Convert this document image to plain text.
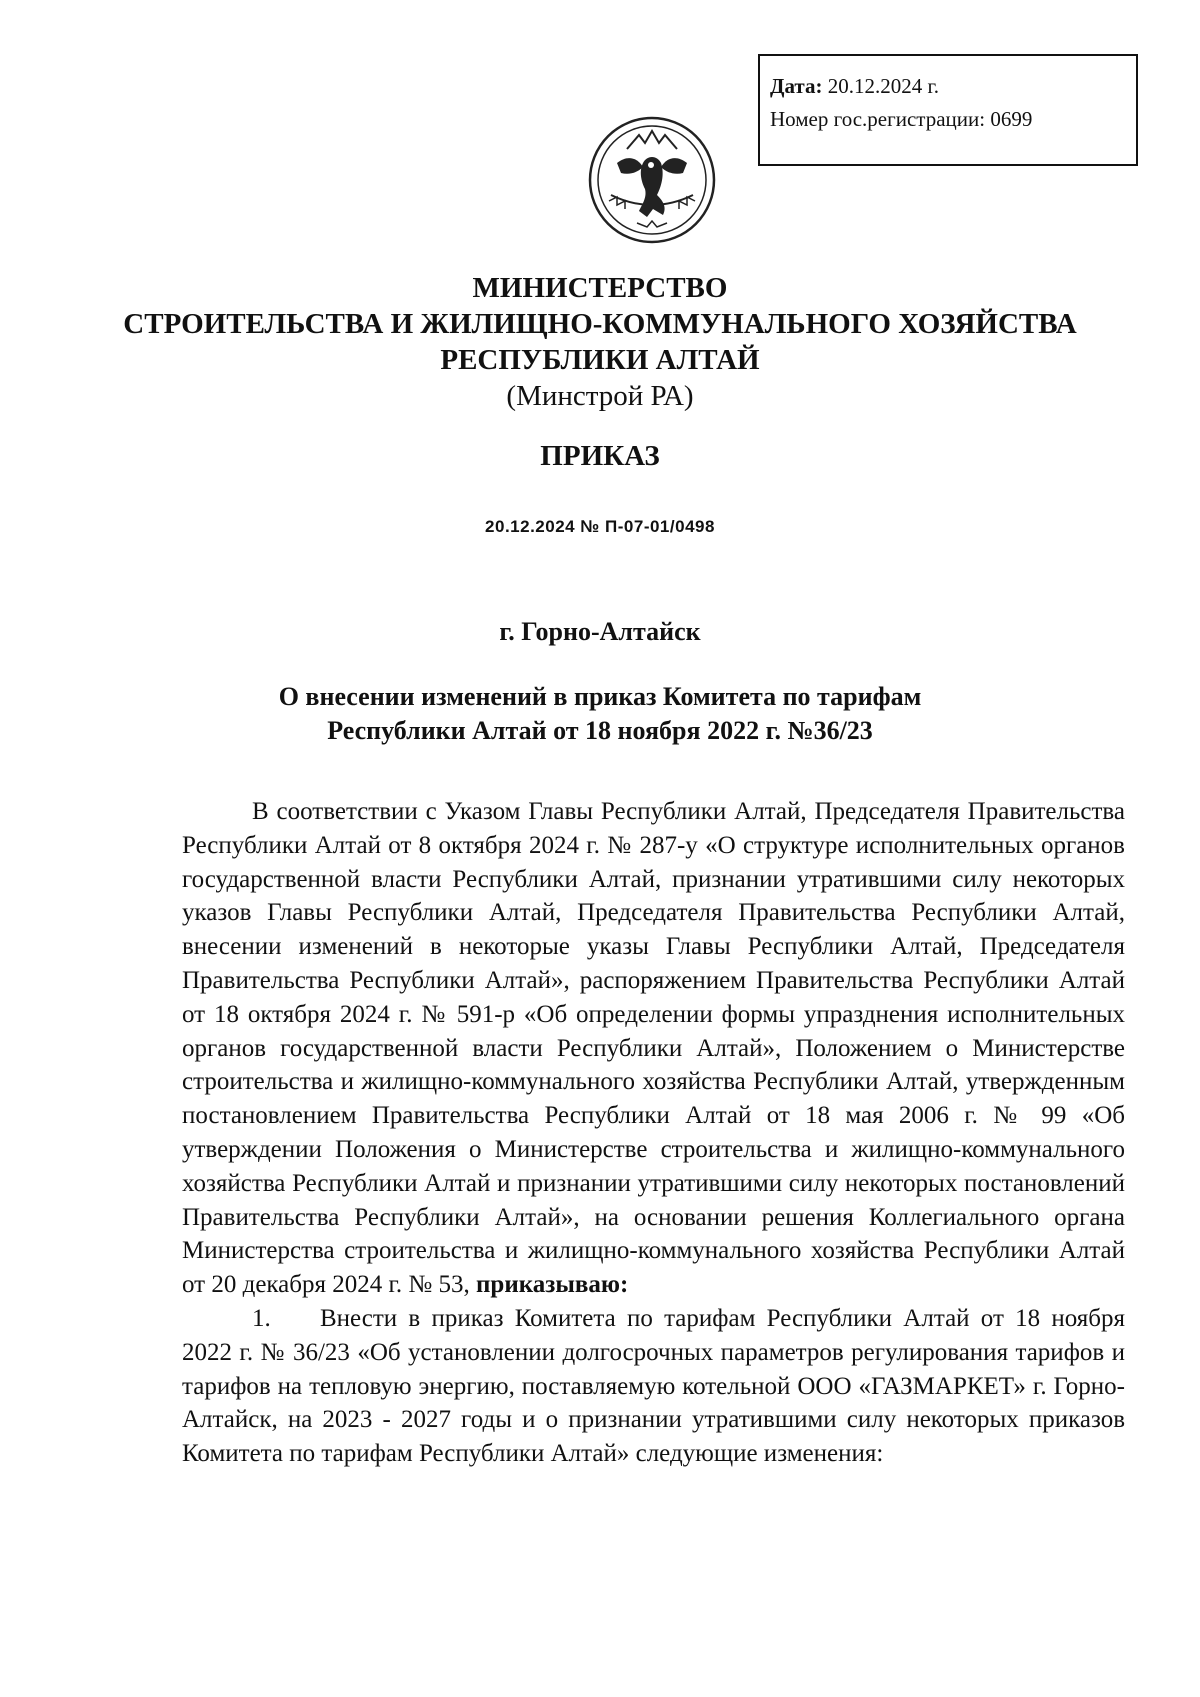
Дата: 20.12.2024 г.
Номер гос.регистрации: 0699
МИНИСТЕРСТВО
СТРОИТЕЛЬСТВА И ЖИЛИЩНО-КОММУНАЛЬНОГО ХОЗЯЙСТВА
РЕСПУБЛИКИ АЛТАЙ
(Минстрой РА)
ПРИКАЗ
20.12.2024 № П-07-01/0498
г. Горно-Алтайск
О внесении изменений в приказ Комитета по тарифам
Республики Алтай от 18 ноября 2022 г. №36/23

В соответствии с Указом Главы Республики Алтай, Председателя Правительства Республики Алтай от 8 октября 2024 г. № 287-у «О структуре исполнительных органов государственной власти Республики Алтай, признании утратившими силу некоторых указов Главы Республики Алтай, Председателя Правительства Республики Алтай, внесении изменений в некоторые указы Главы Республики Алтай, Председателя Правительства Республики Алтай», распоряжением Правительства Республики Алтай от 18 октября 2024 г. № 591-р «Об определении формы упразднения исполнительных органов государственной власти Республики Алтай», Положением о Министерстве строительства и жилищно-коммунального хозяйства Республики Алтай, утвержденным постановлением Правительства Республики Алтай от 18 мая 2006 г. № 99 «Об утверждении Положения о Министерстве строительства и жилищно-коммунального хозяйства Республики Алтай и признании утратившими силу некоторых постановлений Правительства Республики Алтай», на основании решения Коллегиального органа Министерства строительства и жилищно-коммунального хозяйства Республики Алтай от 20 декабря 2024 г. № 53, приказываю:

1. Внести в приказ Комитета по тарифам Республики Алтай от 18 ноября 2022 г. № 36/23 «Об установлении долгосрочных параметров регулирования тарифов и тарифов на тепловую энергию, поставляемую котельной ООО «ГАЗМАРКЕТ» г. Горно-Алтайск, на 2023 - 2027 годы и о признании утратившими силу некоторых приказов Комитета по тарифам Республики Алтай» следующие изменения:
